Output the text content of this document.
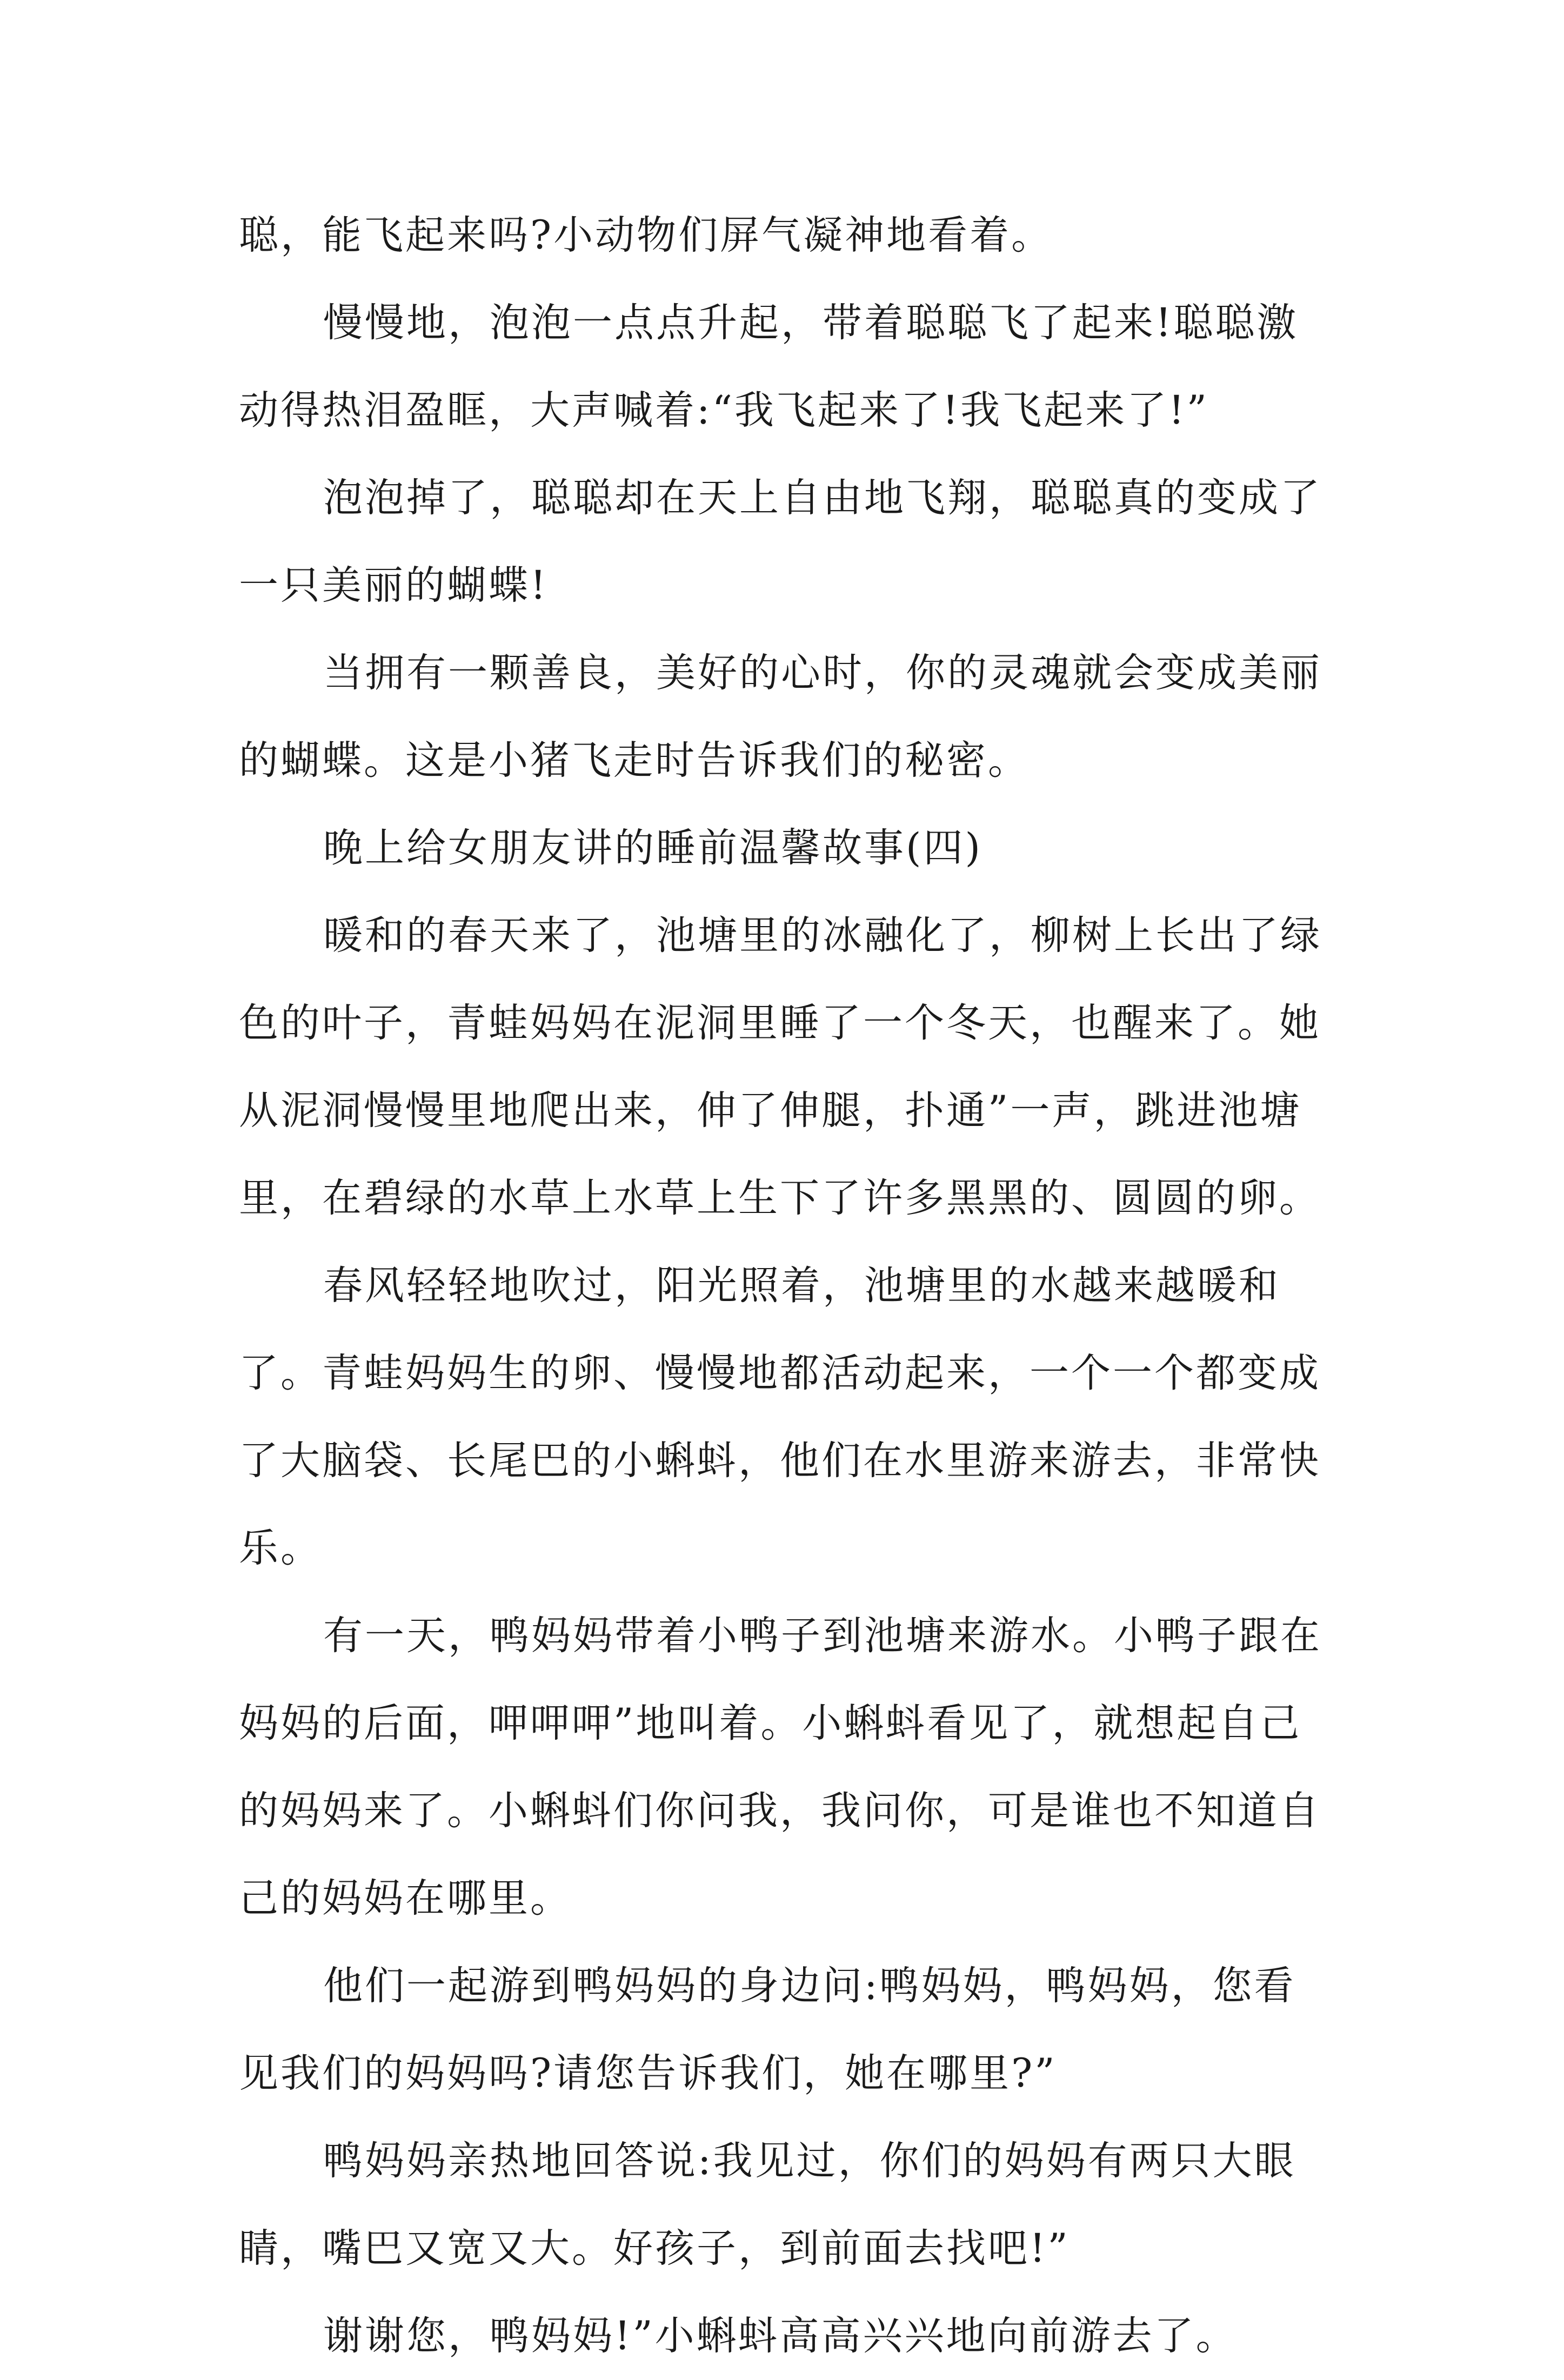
聪，能飞起来吗?小动物们屏气凝神地看着。

慢慢地，泡泡一点点升起，带着聪聪飞了起来!聪聪激动得热泪盈眶，大声喊着:“我飞起来了!我飞起来了!”

泡泡掉了，聪聪却在天上自由地飞翔，聪聪真的变成了一只美丽的蝴蝶!

当拥有一颗善良，美好的心时，你的灵魂就会变成美丽的蝴蝶。这是小猪飞走时告诉我们的秘密。

晚上给女朋友讲的睡前温馨故事(四)

暖和的春天来了，池塘里的冰融化了，柳树上长出了绿色的叶子，青蛙妈妈在泥洞里睡了一个冬天，也醒来了。她从泥洞慢慢里地爬出来，伸了伸腿，扑通”一声，跳进池塘里，在碧绿的水草上水草上生下了许多黑黑的、圆圆的卵。

春风轻轻地吹过，阳光照着，池塘里的水越来越暖和了。青蛙妈妈生的卵、慢慢地都活动起来，一个一个都变成了大脑袋、长尾巴的小蝌蚪，他们在水里游来游去，非常快乐。

有一天，鸭妈妈带着小鸭子到池塘来游水。小鸭子跟在妈妈的后面，呷呷呷”地叫着。小蝌蚪看见了，就想起自己的妈妈来了。小蝌蚪们你问我，我问你，可是谁也不知道自己的妈妈在哪里。

他们一起游到鸭妈妈的身边问:鸭妈妈，鸭妈妈，您看见我们的妈妈吗?请您告诉我们，她在哪里?”

鸭妈妈亲热地回答说:我见过，你们的妈妈有两只大眼睛，嘴巴又宽又大。好孩子，到前面去找吧!”

谢谢您，鸭妈妈!”小蝌蚪高高兴兴地向前游去了。
